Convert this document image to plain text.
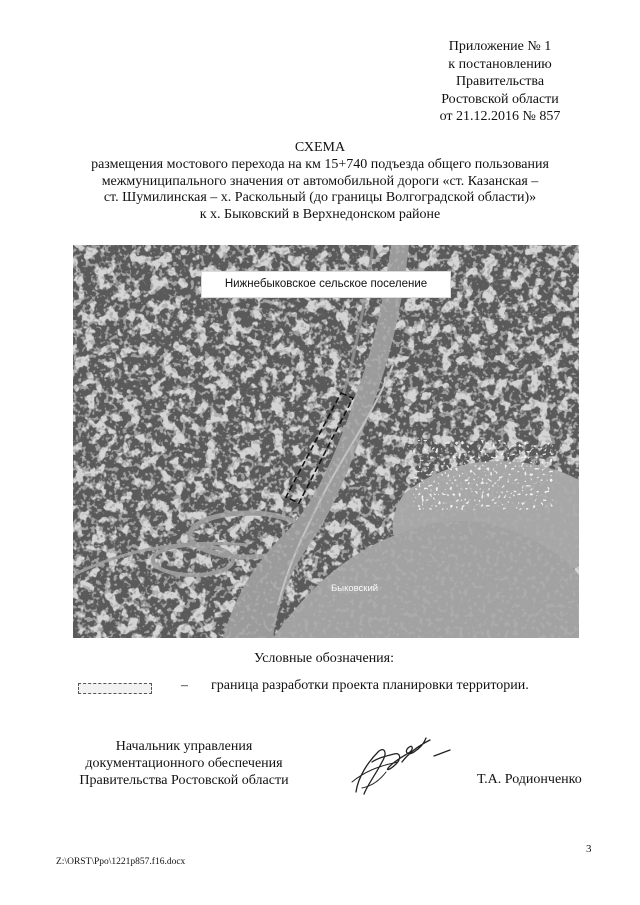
Приложение № 1
к постановлению
Правительства
Ростовской области
от 21.12.2016 № 857
СХЕМА
размещения мостового перехода на км 15+740 подъезда общего пользования
межмуниципального значения от автомобильной дороги «ст. Казанская –
ст. Шумилинская – х. Раскольный (до границы Волгоградской области)»
к х. Быковский в Верхнедонском районе
Нижнебыковское сельское поселение
Быковский
Условные обозначения:
– граница разработки проекта планировки территории.
Начальник управления
документационного обеспечения
Правительства Ростовской области	Т.А. Родионченко
3
Z:\ORST\Ppo\1221p857.f16.docx
